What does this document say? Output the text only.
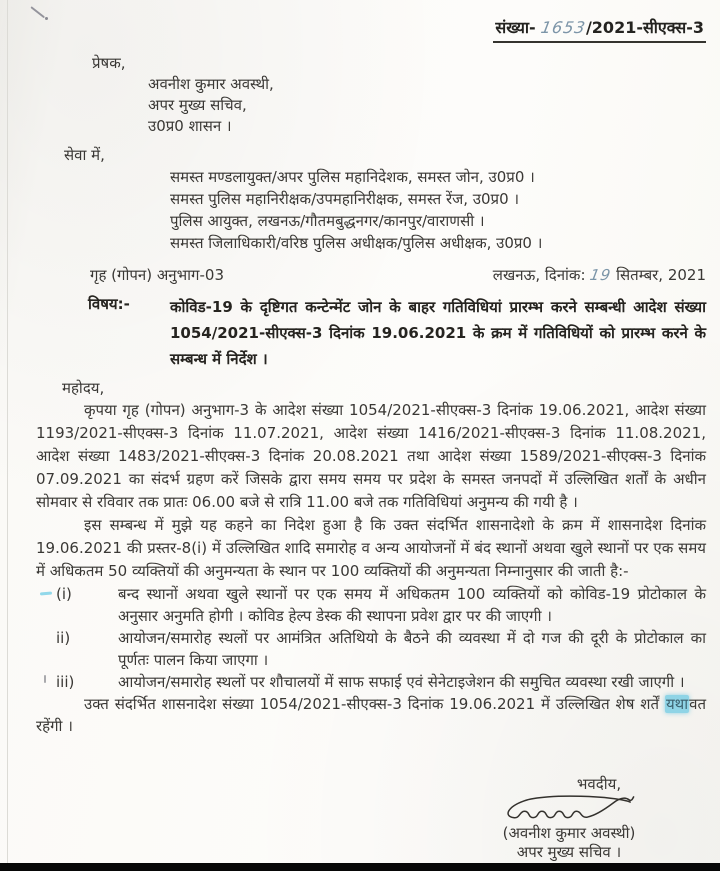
संख्या- 1653/2021-सीएक्स-3
प्रेषक,
अवनीश कुमार अवस्थी,
अपर मुख्य सचिव,
उ0प्र0 शासन ।
सेवा में,
समस्त मण्डलायुक्त/अपर पुलिस महानिदेशक, समस्त जोन, उ0प्र0 ।
समस्त पुलिस महानिरीक्षक/उपमहानिरीक्षक, समस्त रेंज, उ0प्र0 ।
पुलिस आयुक्त, लखनऊ/गौतमबुद्धनगर/कानपुर/वाराणसी ।
समस्त जिलाधिकारी/वरिष्ठ पुलिस अधीक्षक/पुलिस अधीक्षक, उ0प्र0 ।
गृह (गोपन) अनुभाग-03	लखनऊ, दिनांक: 19 सितम्बर, 2021
विषय:-	कोविड-19 के दृष्टिगत कन्टेन्मेंट जोन के बाहर गतिविधियां प्रारम्भ करने सम्बन्धी आदेश संख्या 1054/2021-सीएक्स-3 दिनांक 19.06.2021 के क्रम में गतिविधियों को प्रारम्भ करने के सम्बन्ध में निर्देश ।
महोदय,

कृपया गृह (गोपन) अनुभाग-3 के आदेश संख्या 1054/2021-सीएक्स-3 दिनांक 19.06.2021, आदेश संख्या 1193/2021-सीएक्स-3 दिनांक 11.07.2021, आदेश संख्या 1416/2021-सीएक्स-3 दिनांक 11.08.2021, आदेश संख्या 1483/2021-सीएक्स-3 दिनांक 20.08.2021 तथा आदेश संख्या 1589/2021-सीएक्स-3 दिनांक 07.09.2021 का संदर्भ ग्रहण करें जिसके द्वारा समय समय पर प्रदेश के समस्त जनपदों में उल्लिखित शर्तों के अधीन सोमवार से रविवार तक प्रातः 06.00 बजे से रात्रि 11.00 बजे तक गतिविधियां अनुमन्य की गयी है ।

इस सम्बन्ध में मुझे यह कहने का निदेश हुआ है कि उक्त संदर्भित शासनादेशो के क्रम में शासनादेश दिनांक 19.06.2021 की प्रस्तर-8(i) में उल्लिखित शादि समारोह व अन्य आयोजनों में बंद स्थानों अथवा खुले स्थानों पर एक समय में अधिकतम 50 व्यक्तियों की अनुमन्यता के स्थान पर 100 व्यक्तियों की अनुमन्यता निम्नानुसार की जाती है:-

(i)	बन्द स्थानों अथवा खुले स्थानों पर एक समय में अधिकतम 100 व्यक्तियों को कोविड-19 प्रोटोकाल के अनुसार अनुमति होगी । कोविड हेल्प डेस्क की स्थापना प्रवेश द्वार पर की जाएगी ।
ii)	आयोजन/समारोह स्थलों पर आमंत्रित अतिथियो के बैठने की व्यवस्था में दो गज की दूरी के प्रोटोकाल का पूर्णतः पालन किया जाएगा ।
iii)	आयोजन/समारोह स्थलों पर शौचालयों में साफ सफाई एवं सेनेटाइजेशन की समुचित व्यवस्था रखी जाएगी ।

उक्त संदर्भित शासनादेश संख्या 1054/2021-सीएक्स-3 दिनांक 19.06.2021 में उल्लिखित शेष शर्तें यथावत रहेंगी ।

भवदीय,
(अवनीश कुमार अवस्थी)
अपर मुख्य सचिव ।
